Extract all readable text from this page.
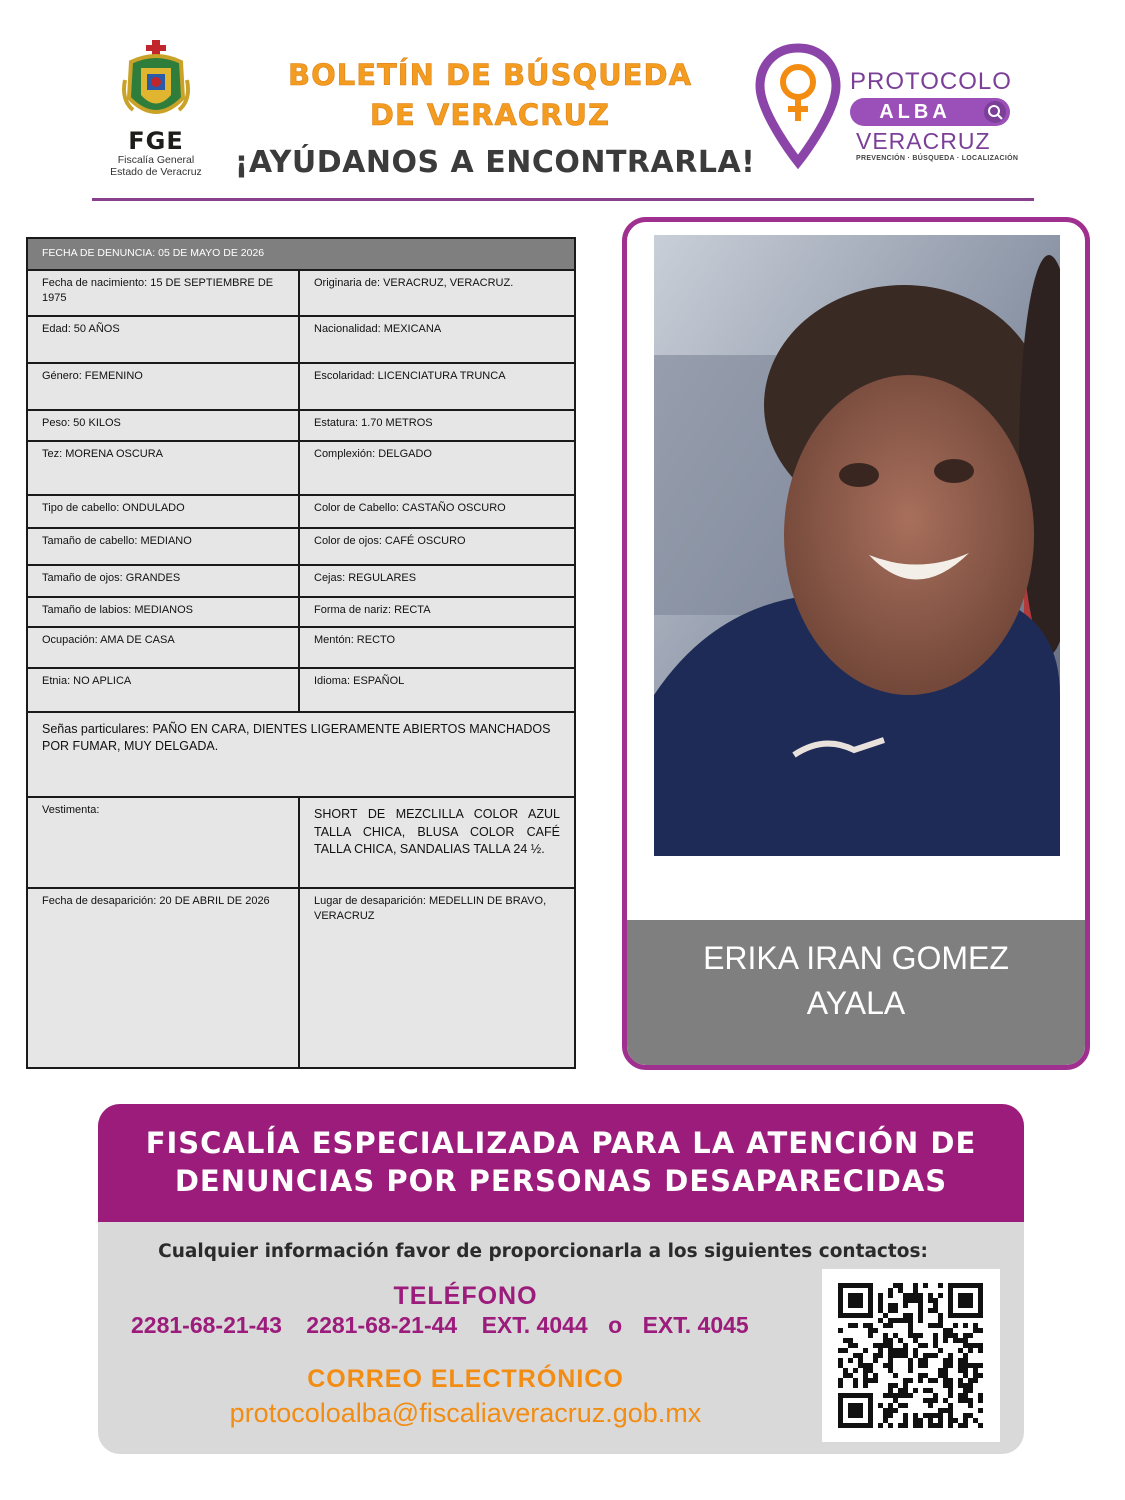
FGE
Fiscalía General
Estado de Veracruz
BOLETÍN DE BÚSQUEDA
DE VERACRUZ
¡AYÚDANOS A ENCONTRARLA!
PROTOCOLO
ALBA
VERACRUZ
PREVENCIÓN · BÚSQUEDA · LOCALIZACIÓN
FECHA DE DENUNCIA: 05 DE MAYO DE 2026	
Fecha de nacimiento: 15 DE SEPTIEMBRE DE 1975	Originaria de: VERACRUZ, VERACRUZ.
Edad: 50 AÑOS	Nacionalidad: MEXICANA
Género: FEMENINO	Escolaridad: LICENCIATURA TRUNCA
Peso: 50 KILOS	Estatura: 1.70 METROS
Tez: MORENA OSCURA	Complexión: DELGADO
Tipo de cabello: ONDULADO	Color de Cabello: CASTAÑO OSCURO
Tamaño de cabello: MEDIANO	Color de ojos: CAFÉ OSCURO
Tamaño de ojos: GRANDES	Cejas: REGULARES
Tamaño de labios: MEDIANOS	Forma de nariz: RECTA
Ocupación: AMA DE CASA	Mentón: RECTO
Etnia: NO APLICA	Idioma: ESPAÑOL
Señas particulares: PAÑO EN CARA, DIENTES LIGERAMENTE ABIERTOS MANCHADOS POR FUMAR, MUY DELGADA.	
Vestimenta:	SHORT DE MEZCLILLA COLOR AZUL TALLA CHICA, BLUSA COLOR CAFÉ TALLA CHICA, SANDALIAS TALLA 24 ½.
Fecha de desaparición: 20 DE ABRIL DE 2026	Lugar de desaparición: MEDELLIN DE BRAVO, VERACRUZ
ERIKA IRAN GOMEZ
AYALA
FISCALÍA ESPECIALIZADA PARA LA ATENCIÓN DE
DENUNCIAS POR PERSONAS DESAPARECIDAS
Cualquier información favor de proporcionarla a los siguientes contactos:
TELÉFONO
2281-68-21-43 2281-68-21-44 EXT. 4044 o EXT. 4045
CORREO ELECTRÓNICO
protocoloalba@fiscaliaveracruz.gob.mx
